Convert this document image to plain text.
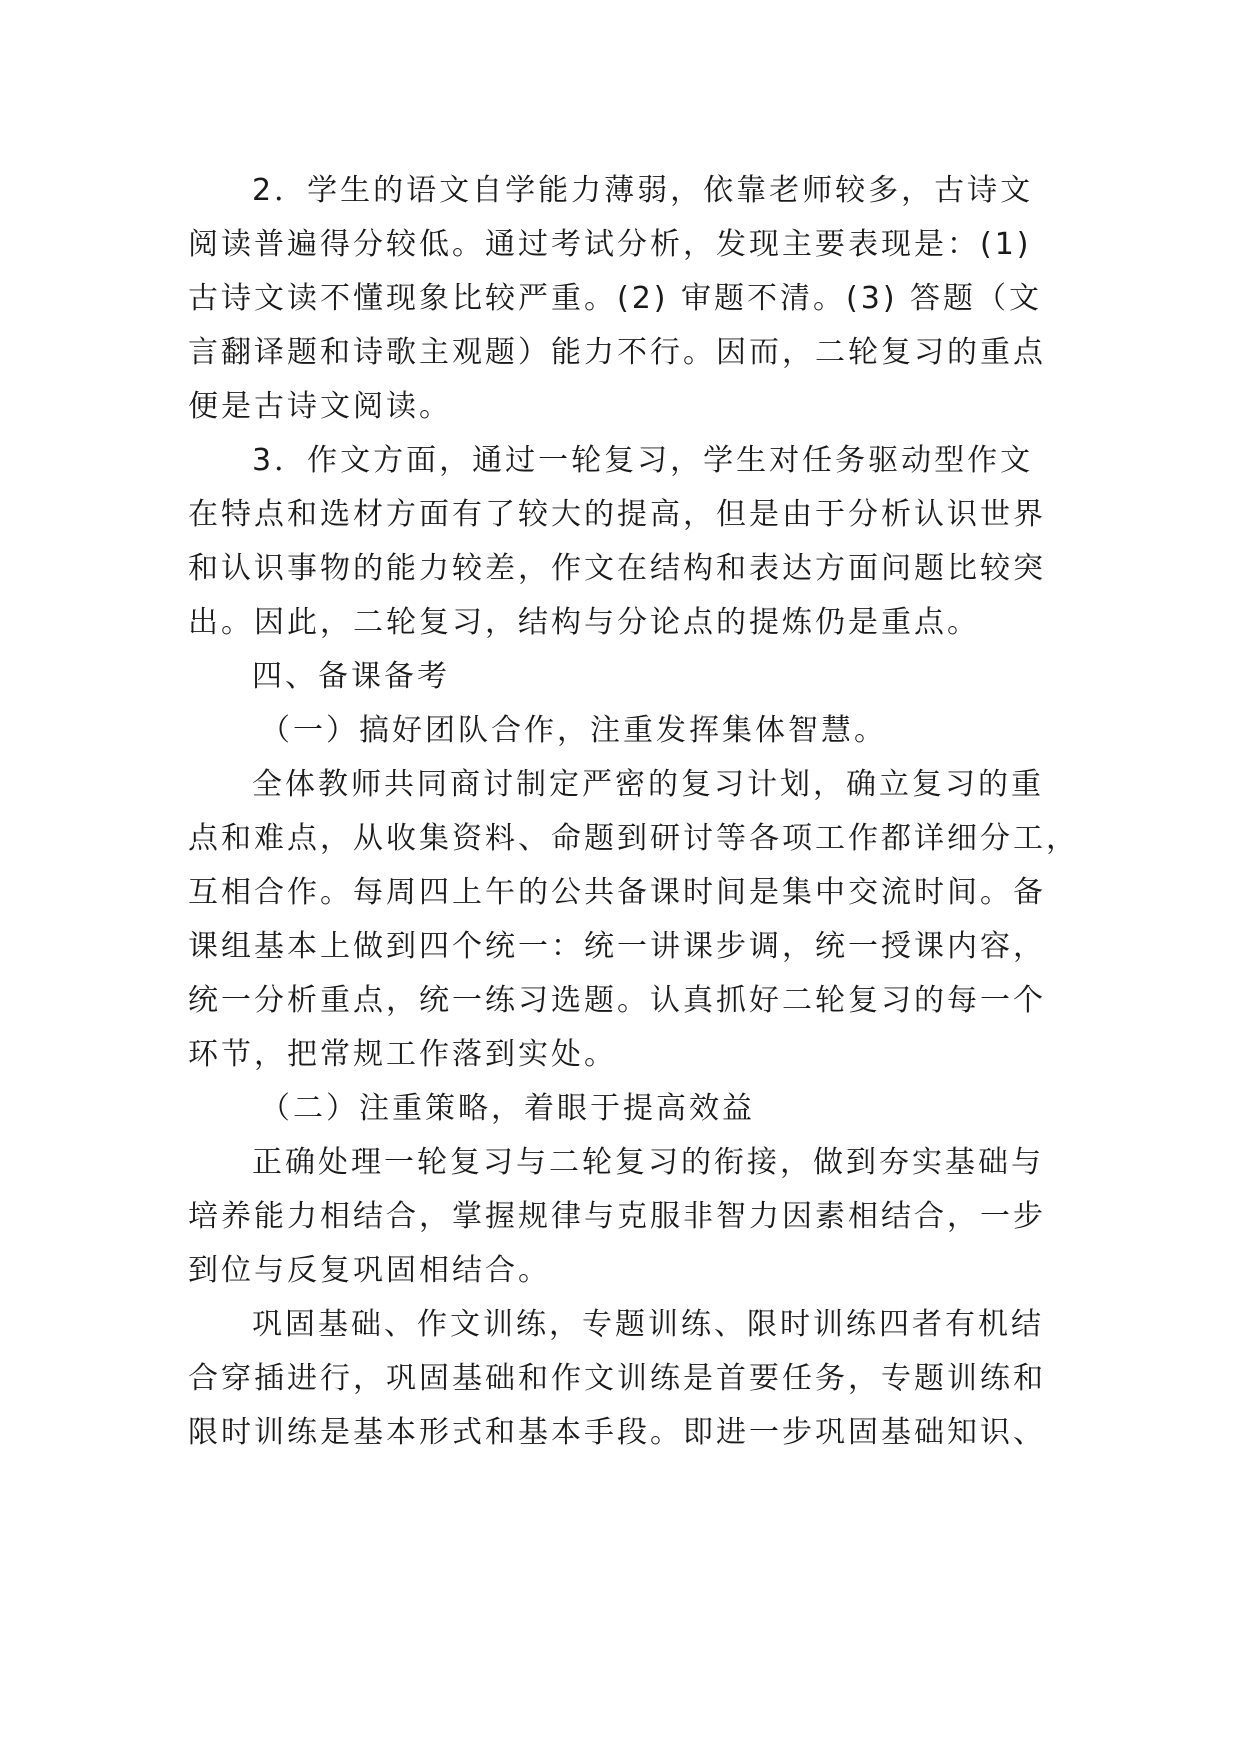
2．学生的语文自学能力薄弱，依靠老师较多，古诗文
阅读普遍得分较低。通过考试分析，发现主要表现是：(1)
古诗文读不懂现象比较严重。(2) 审题不清。(3) 答题（文
言翻译题和诗歌主观题）能力不行。因而，二轮复习的重点
便是古诗文阅读。
3．作文方面，通过一轮复习，学生对任务驱动型作文
在特点和选材方面有了较大的提高，但是由于分析认识世界
和认识事物的能力较差，作文在结构和表达方面问题比较突
出。因此，二轮复习，结构与分论点的提炼仍是重点。
四、备课备考
（一）搞好团队合作，注重发挥集体智慧。
全体教师共同商讨制定严密的复习计划，确立复习的重
点和难点，从收集资料、命题到研讨等各项工作都详细分工，
互相合作。每周四上午的公共备课时间是集中交流时间。备
课组基本上做到四个统一：统一讲课步调，统一授课内容，
统一分析重点，统一练习选题。认真抓好二轮复习的每一个
环节，把常规工作落到实处。
（二）注重策略，着眼于提高效益
正确处理一轮复习与二轮复习的衔接，做到夯实基础与
培养能力相结合，掌握规律与克服非智力因素相结合，一步
到位与反复巩固相结合。
巩固基础、作文训练，专题训练、限时训练四者有机结
合穿插进行，巩固基础和作文训练是首要任务，专题训练和
限时训练是基本形式和基本手段。即进一步巩固基础知识、
